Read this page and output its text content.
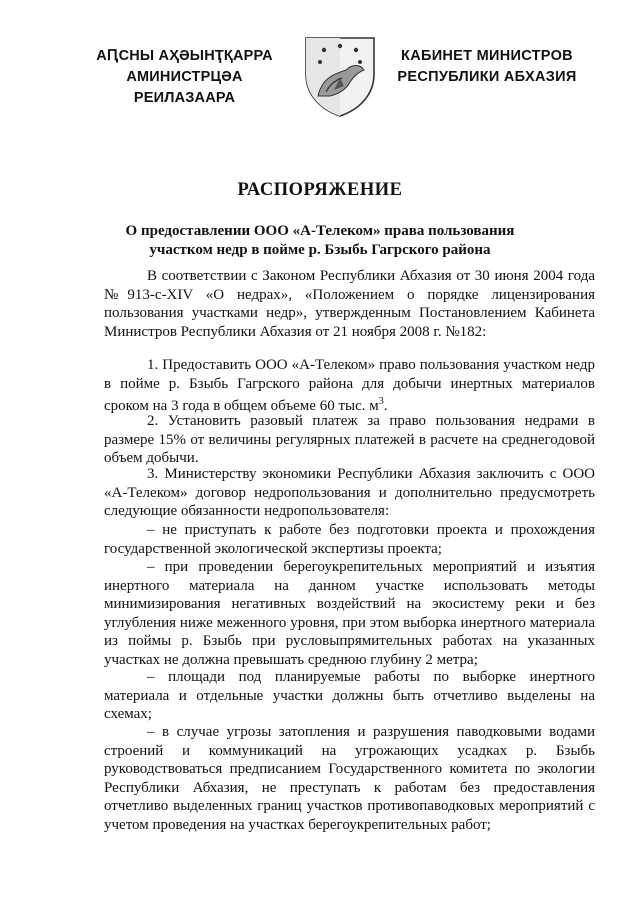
АԤСНЫ АҲӘЫНҬҚАРРА
АМИНИСТРЦӘА РЕИЛАЗААРА
КАБИНЕТ МИНИСТРОВ
РЕСПУБЛИКИ АБХАЗИЯ
РАСПОРЯЖЕНИЕ
О предоставлении ООО «А-Телеком» права пользования
участком недр в пойме р. Бзыбь Гагрского района
В соответствии с Законом Республики Абхазия от 30 июня 2004 года №913-с-XIV «О недрах», «Положением о порядке лицензирования пользования участками недр», утвержденным Постановлением Кабинета Министров Республики Абхазия от 21 ноября 2008 г. №182:
1. Предоставить ООО «А-Телеком» право пользования участком недр в пойме р. Бзыбь Гагрского района для добычи инертных материалов сроком на 3 года в общем объеме 60 тыс. $м^3$.
2. Установить разовый платеж за право пользования недрами в размере 15% от величины регулярных платежей в расчете на среднегодовой объем добычи.
3. Министерству экономики Республики Абхазия заключить с ООО «А-Телеком» договор недропользования и дополнительно предусмотреть следующие обязанности недропользователя:
– не приступать к работе без подготовки проекта и прохождения государственной экологической экспертизы проекта;
– при проведении берегоукрепительных мероприятий и изъятия инертного материала на данном участке использовать методы минимизирования негативных воздействий на экосистему реки и без углубления ниже меженного уровня, при этом выборка инертного материала из поймы р. Бзыбь при русловыпрямительных работах на указанных участках не должна превышать среднюю глубину 2 метра;
– площади под планируемые работы по выборке инертного материала и отдельные участки должны быть отчетливо выделены на схемах;
– в случае угрозы затопления и разрушения паводковыми водами строений и коммуникаций на угрожающих усадках р. Бзыбь руководствоваться предписанием Государственного комитета по экологии Республики Абхазия, не преступать к работам без предоставления отчетливо выделенных границ участков противопаводковых мероприятий с учетом проведения на участках берегоукрепительных работ;
